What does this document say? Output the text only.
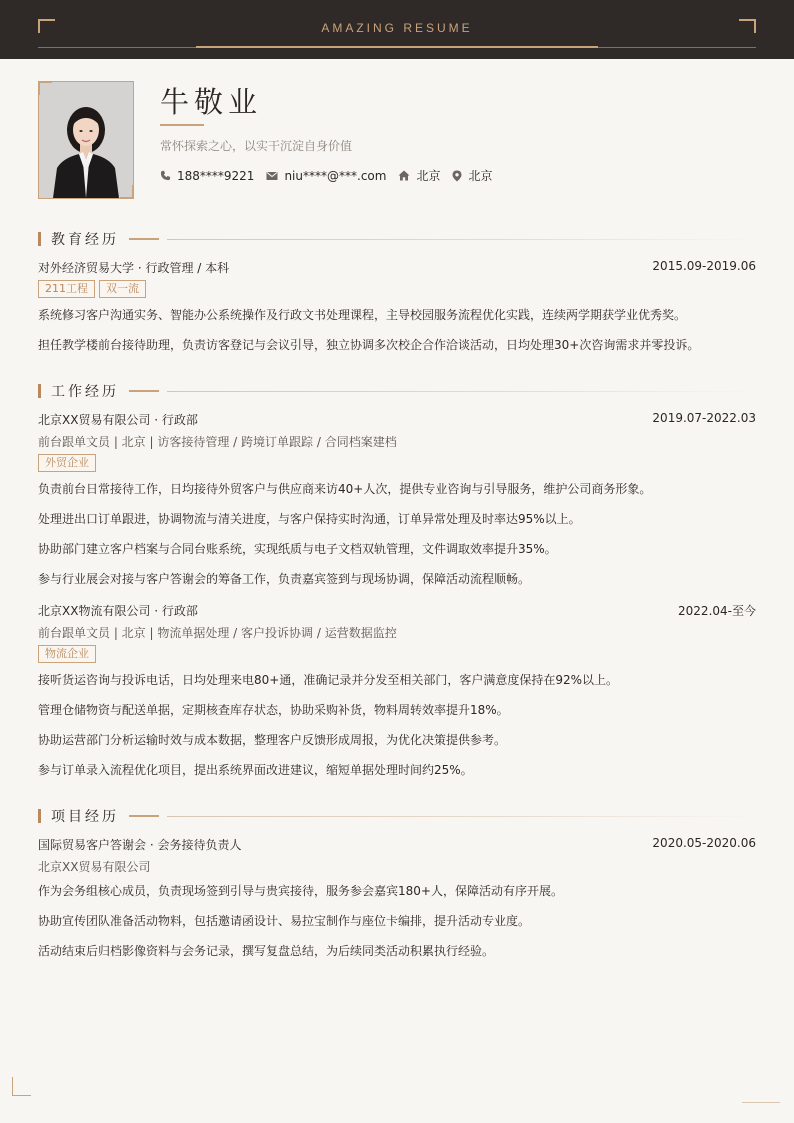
AMAZING RESUME
牛敬业
常怀探索之心，以实干沉淀自身价值
188****9221	niu****@***.com	北京 北京
教育经历
对外经济贸易大学 · 行政管理 / 本科	2015.09-2019.06
211工程	双一流
系统修习客户沟通实务、智能办公系统操作及行政文书处理课程，主导校园服务流程优化实践，连续两学期获学业优秀奖。
担任教学楼前台接待助理，负责访客登记与会议引导，独立协调多次校企合作洽谈活动，日均处理30+次咨询需求并零投诉。
工作经历
北京XX贸易有限公司 · 行政部	2019.07-2022.03
前台跟单文员 | 北京 | 访客接待管理 / 跨境订单跟踪 / 合同档案建档
外贸企业
负责前台日常接待工作，日均接待外贸客户与供应商来访40+人次，提供专业咨询与引导服务，维护公司商务形象。
处理进出口订单跟进，协调物流与清关进度，与客户保持实时沟通，订单异常处理及时率达95%以上。
协助部门建立客户档案与合同台账系统，实现纸质与电子文档双轨管理，文件调取效率提升35%。
参与行业展会对接与客户答谢会的筹备工作，负责嘉宾签到与现场协调，保障活动流程顺畅。
北京XX物流有限公司 · 行政部	2022.04-至今
前台跟单文员 | 北京 | 物流单据处理 / 客户投诉协调 / 运营数据监控
物流企业
接听货运咨询与投诉电话，日均处理来电80+通，准确记录并分发至相关部门，客户满意度保持在92%以上。
管理仓储物资与配送单据，定期核查库存状态，协助采购补货，物料周转效率提升18%。
协助运营部门分析运输时效与成本数据，整理客户反馈形成周报，为优化决策提供参考。
参与订单录入流程优化项目，提出系统界面改进建议，缩短单据处理时间约25%。
项目经历
国际贸易客户答谢会 · 会务接待负责人	2020.05-2020.06
北京XX贸易有限公司
作为会务组核心成员，负责现场签到引导与贵宾接待，服务参会嘉宾180+人，保障活动有序开展。
协助宣传团队准备活动物料，包括邀请函设计、易拉宝制作与座位卡编排，提升活动专业度。
活动结束后归档影像资料与会务记录，撰写复盘总结，为后续同类活动积累执行经验。
